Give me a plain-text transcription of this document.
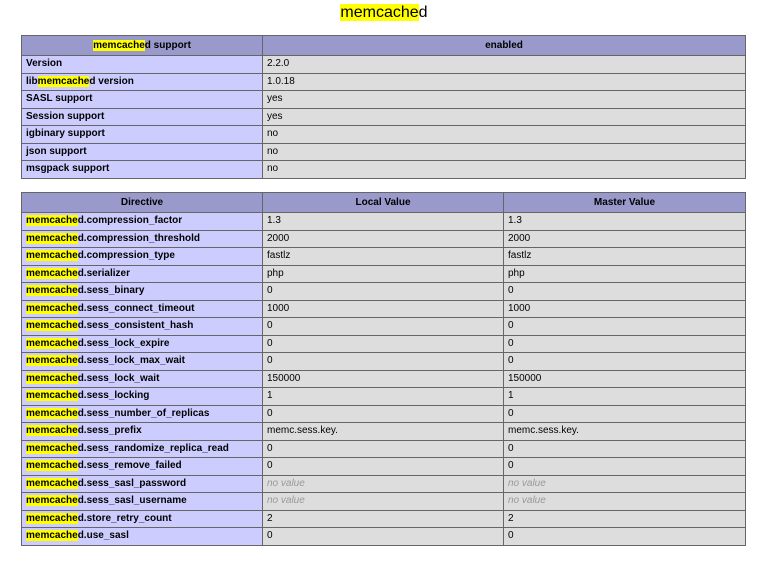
memcached
memcached support	enabled
Version	2.2.0
libmemcached version	1.0.18
SASL support	yes
Session support	yes
igbinary support	no
json support	no
msgpack support	no
Directive	Local Value	Master Value
memcached.compression_factor	1.3	1.3
memcached.compression_threshold	2000	2000
memcached.compression_type	fastlz	fastlz
memcached.serializer	php	php
memcached.sess_binary	0	0
memcached.sess_connect_timeout	1000	1000
memcached.sess_consistent_hash	0	0
memcached.sess_lock_expire	0	0
memcached.sess_lock_max_wait	0	0
memcached.sess_lock_wait	150000	150000
memcached.sess_locking	1	1
memcached.sess_number_of_replicas	0	0
memcached.sess_prefix	memc.sess.key.	memc.sess.key.
memcached.sess_randomize_replica_read	0	0
memcached.sess_remove_failed	0	0
memcached.sess_sasl_password	no value	no value
memcached.sess_sasl_username	no value	no value
memcached.store_retry_count	2	2
memcached.use_sasl	0	0
